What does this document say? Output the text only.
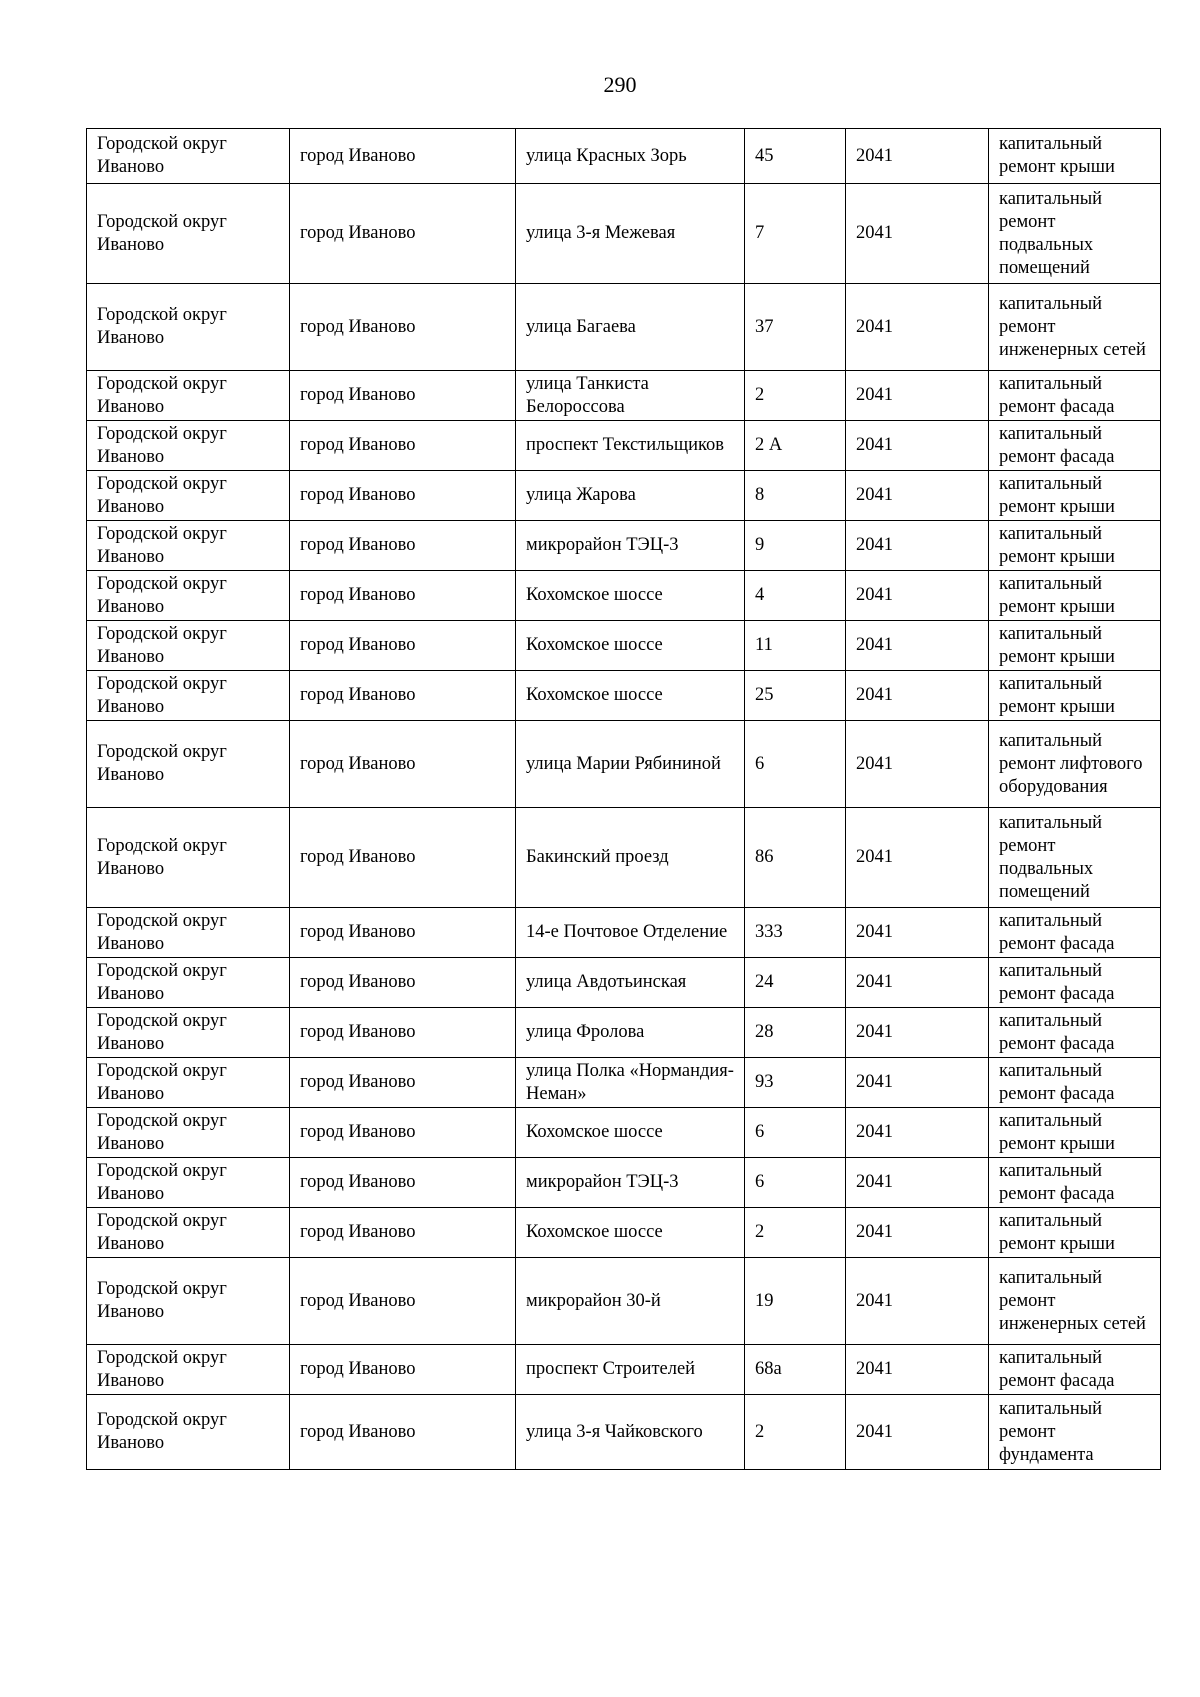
290
Городской округ Иваново	город Иваново	улица Красных Зорь	45	2041	капитальный ремонт крыши
Городской округ Иваново	город Иваново	улица 3-я Межевая	7	2041	капитальный ремонт подвальных помещений
Городской округ Иваново	город Иваново	улица Багаева	37	2041	капитальный ремонт инженерных сетей
Городской округ Иваново	город Иваново	улица Танкиста Белороссова	2	2041	капитальный ремонт фасада
Городской округ Иваново	город Иваново	проспект Текстильщиков	2 А	2041	капитальный ремонт фасада
Городской округ Иваново	город Иваново	улица Жарова	8	2041	капитальный ремонт крыши
Городской округ Иваново	город Иваново	микрорайон ТЭЦ-3	9	2041	капитальный ремонт крыши
Городской округ Иваново	город Иваново	Кохомское шоссе	4	2041	капитальный ремонт крыши
Городской округ Иваново	город Иваново	Кохомское шоссе	11	2041	капитальный ремонт крыши
Городской округ Иваново	город Иваново	Кохомское шоссе	25	2041	капитальный ремонт крыши
Городской округ Иваново	город Иваново	улица Марии Рябининой	6	2041	капитальный ремонт лифтового оборудования
Городской округ Иваново	город Иваново	Бакинский проезд	86	2041	капитальный ремонт подвальных помещений
Городской округ Иваново	город Иваново	14-е Почтовое Отделение	333	2041	капитальный ремонт фасада
Городской округ Иваново	город Иваново	улица Авдотьинская	24	2041	капитальный ремонт фасада
Городской округ Иваново	город Иваново	улица Фролова	28	2041	капитальный ремонт фасада
Городской округ Иваново	город Иваново	улица Полка «Нормандия-Неман»	93	2041	капитальный ремонт фасада
Городской округ Иваново	город Иваново	Кохомское шоссе	6	2041	капитальный ремонт крыши
Городской округ Иваново	город Иваново	микрорайон ТЭЦ-3	6	2041	капитальный ремонт фасада
Городской округ Иваново	город Иваново	Кохомское шоссе	2	2041	капитальный ремонт крыши
Городской округ Иваново	город Иваново	микрорайон 30-й	19	2041	капитальный ремонт инженерных сетей
Городской округ Иваново	город Иваново	проспект Строителей	68а	2041	капитальный ремонт фасада
Городской округ Иваново	город Иваново	улица 3-я Чайковского	2	2041	капитальный ремонт фундамента
